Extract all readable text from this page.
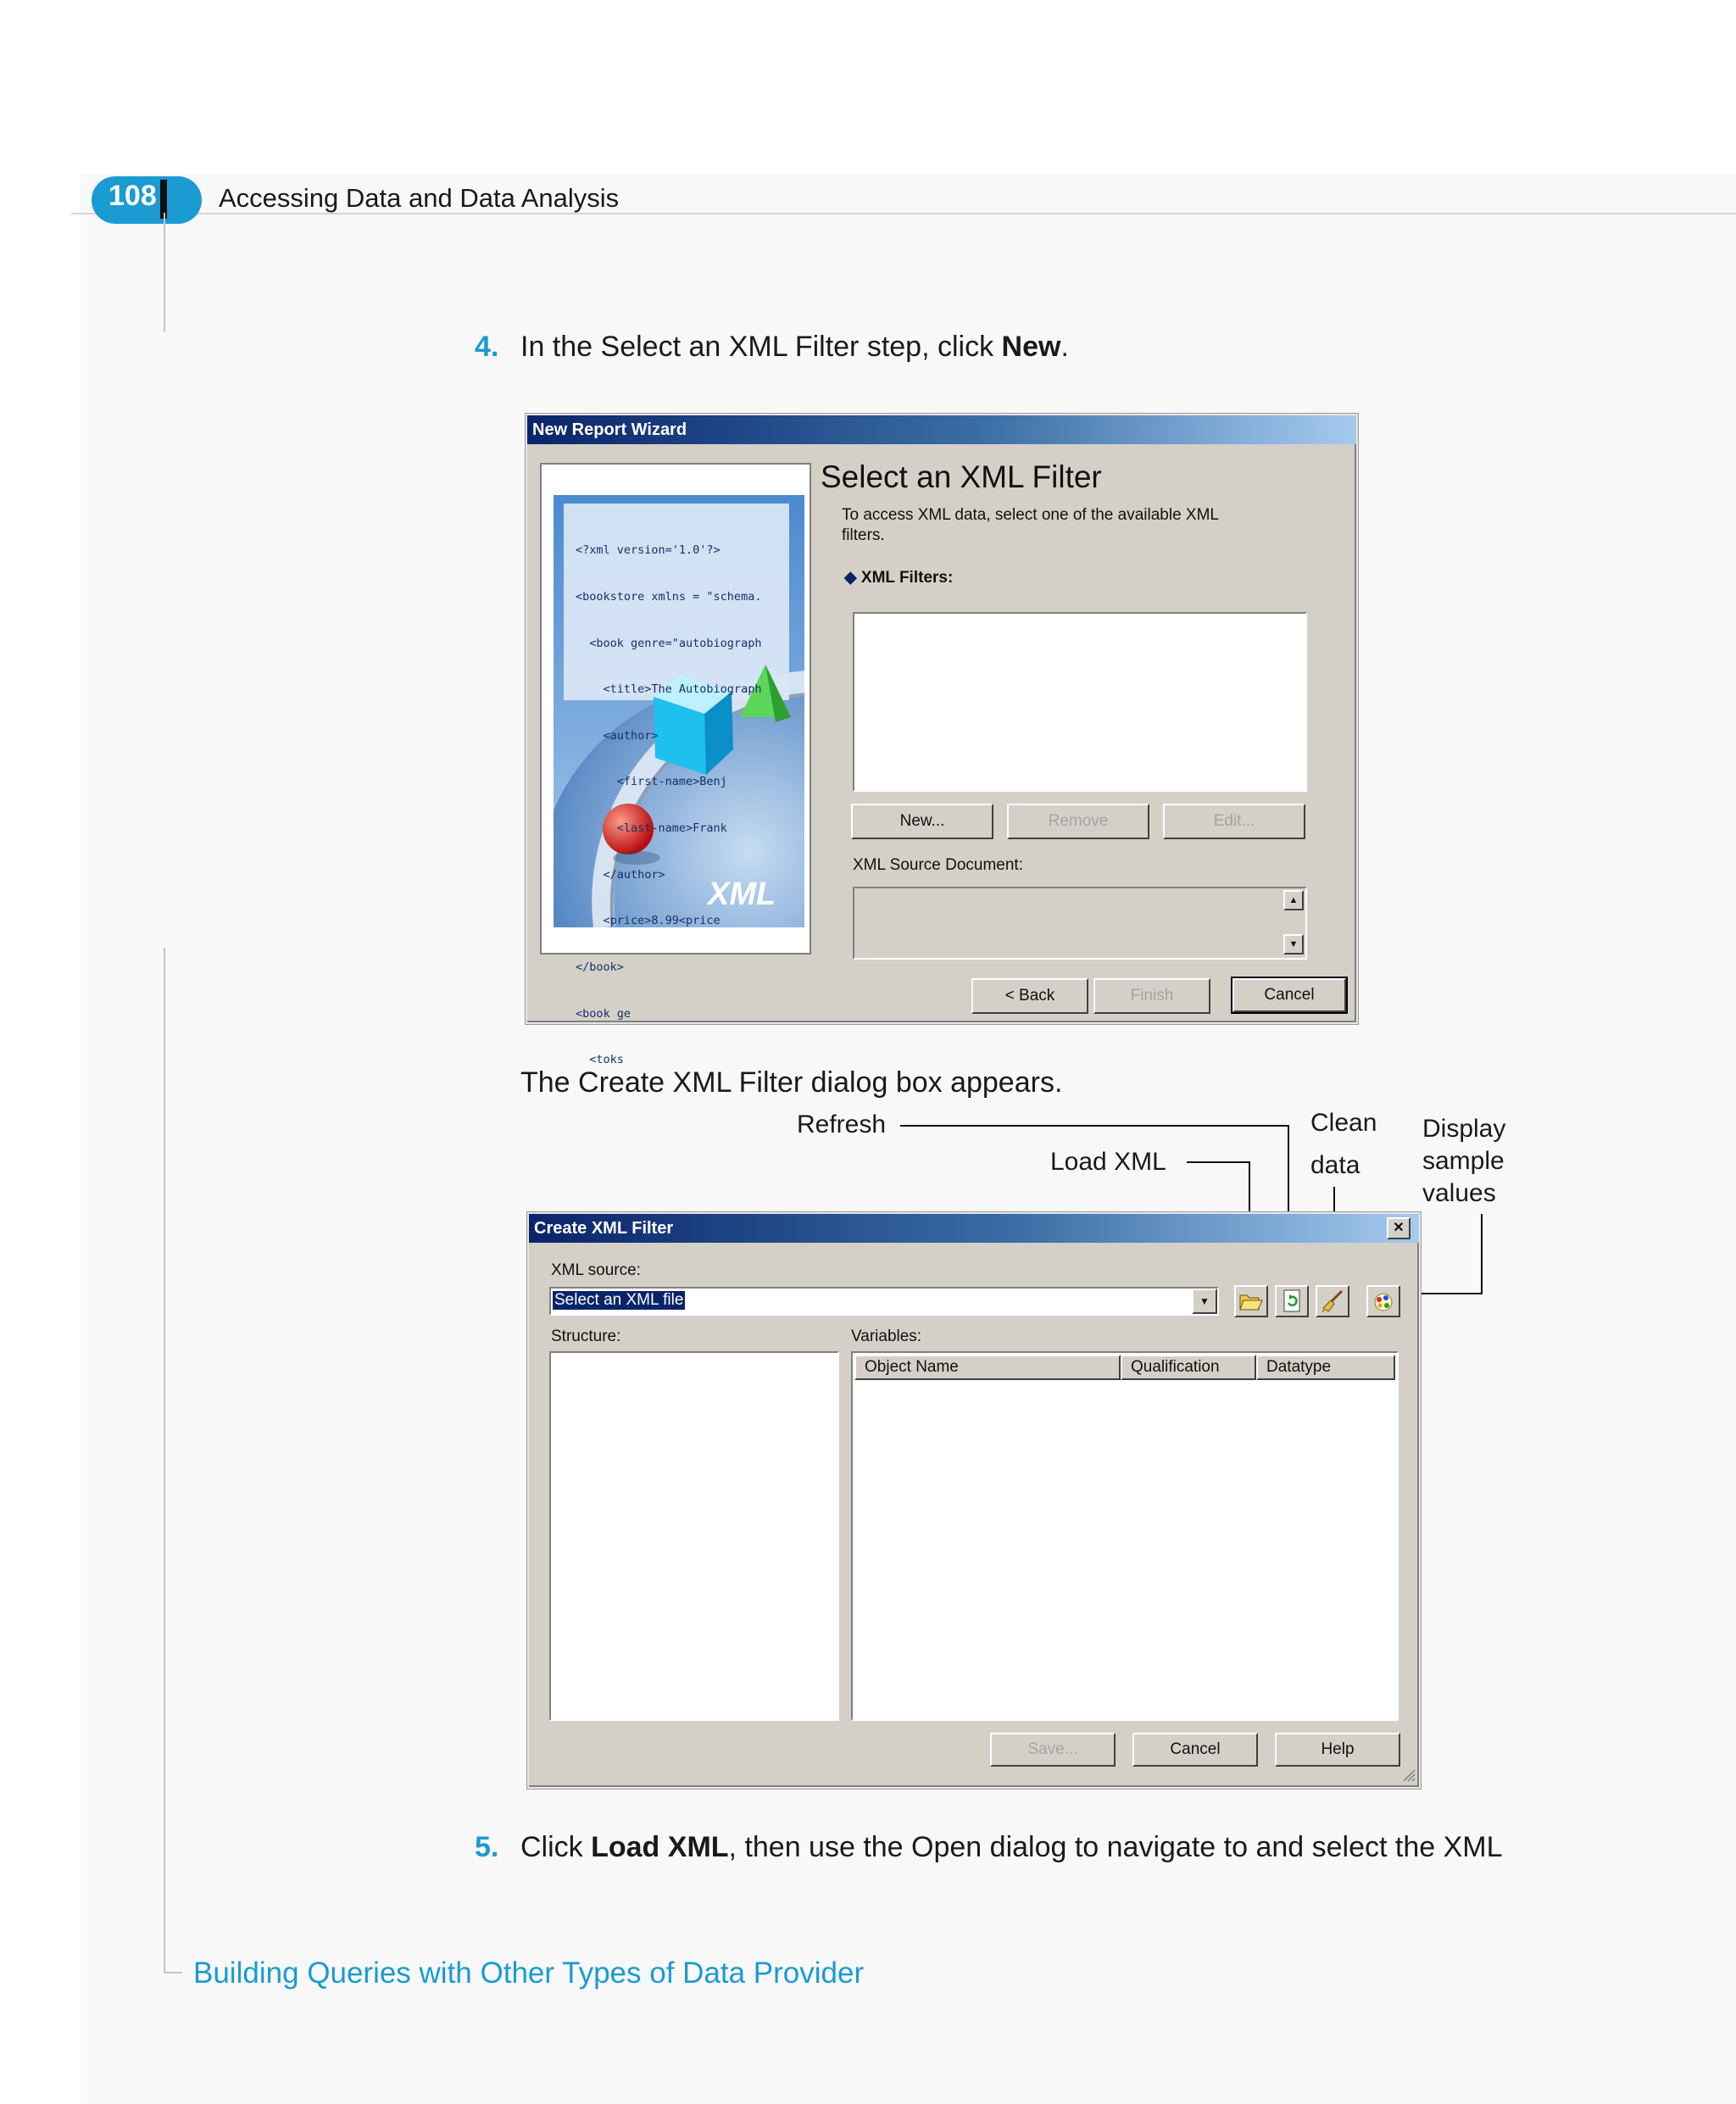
108 Accessing Data and Data Analysis
4. In the Select an XML Filter step, click New.
New Report Wizard

<?xml version='1.0'?>

<bookstore xmlns = "schema.

<book genre="autobiograph

<title>The Autobiograph

<author>

<first-name>Benj

<last-name>Frank

</author>

<price>8.99<price

</book>

<book ge

<toks

XML
Select an XML Filter
To access XML data, select one of the available XML filters.
◆ XML Filters:
New...	Remove	Edit...
XML Source Document:
▲
▼
< Back	Finish	Cancel
The Create XML Filter dialog box appears.
Refresh
Load XML
Clean
data
Display
sample
values
Create XML Filter	✕
XML source:
Select an XML file	▼
Structure:	Variables:
Object Name	Qualification	Datatype
Save...	Cancel	Help
5. Click Load XML, then use the Open dialog to navigate to and select the XML
Building Queries with Other Types of Data Provider
